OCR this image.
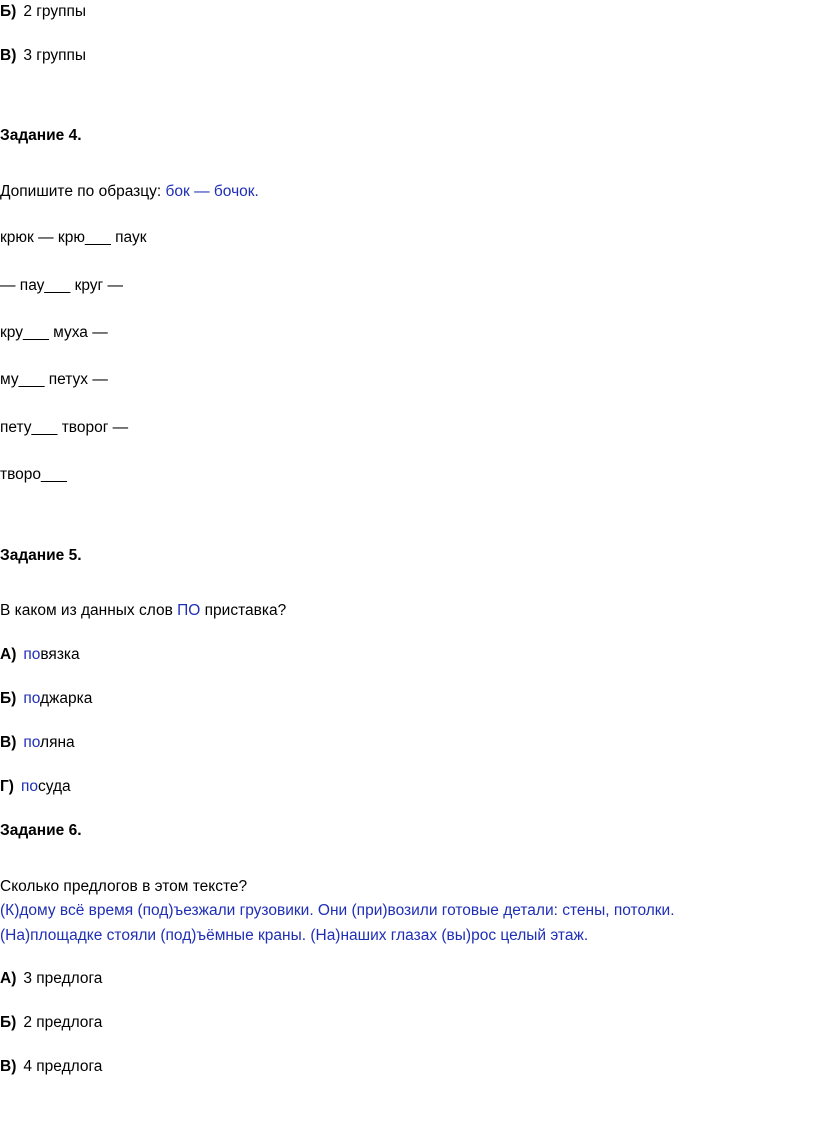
Б) 2 группы
В) 3 группы
Задание 4.
Допишите по образцу: бок — бочок.
крюк — крю___ паук
— пау___ круг —
кру___ муха —
му___ петух —
пету___ творог —
творо___
Задание 5.
В каком из данных слов ПО приставка?
А) повязка
Б) поджарка
В) поляна
Г) посуда
Задание 6.
Сколько предлогов в этом тексте?
(К)дому всё время (под)ъезжали грузовики. Они (при)возили готовые детали: стены, потолки.
(На)площадке стояли (под)ъёмные краны. (На)наших глазах (вы)рос целый этаж.
А) 3 предлога
Б) 2 предлога
В) 4 предлога
